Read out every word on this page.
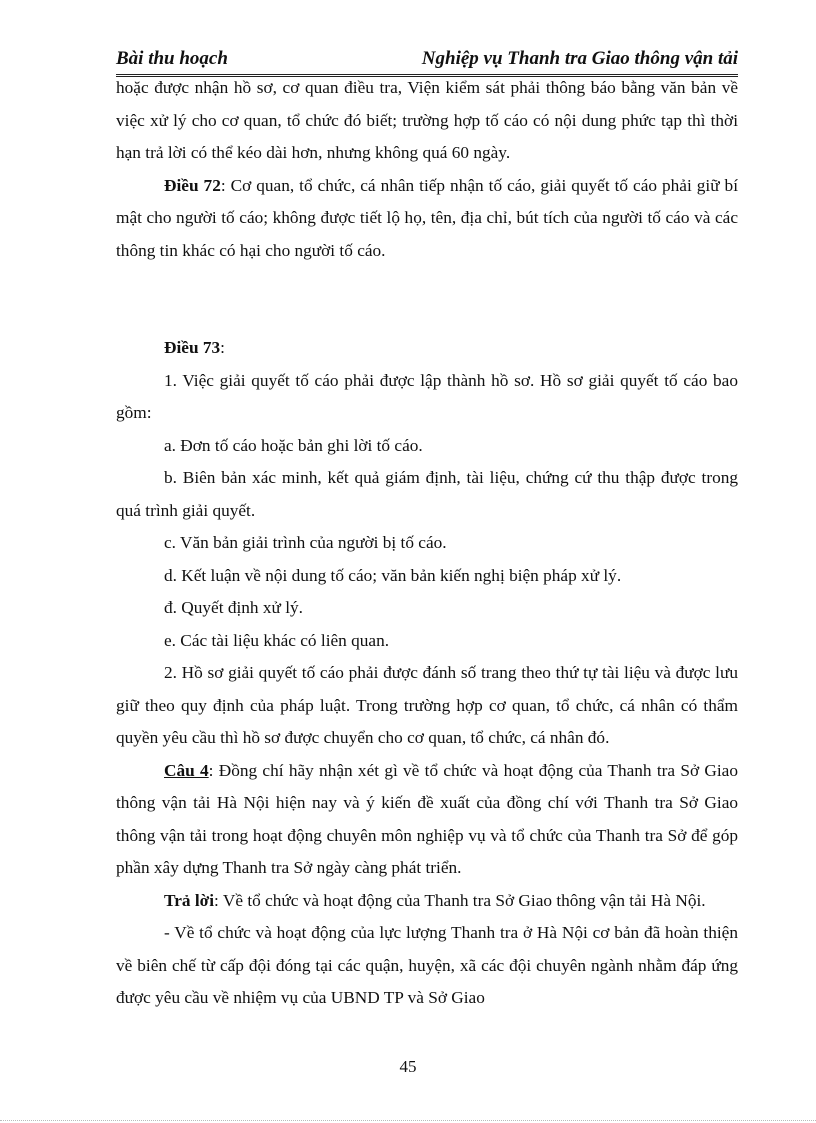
Bài thu hoạch	Nghiệp vụ Thanh tra Giao thông vận tải

hoặc được nhận hồ sơ, cơ quan điều tra, Viện kiểm sát phải thông báo bằng văn bản về việc xử lý cho cơ quan, tổ chức đó biết; trường hợp tố cáo có nội dung phức tạp thì thời hạn trả lời có thể kéo dài hơn, nhưng không quá 60 ngày.

Điều 72: Cơ quan, tổ chức, cá nhân tiếp nhận tố cáo, giải quyết tố cáo phải giữ bí mật cho người tố cáo; không được tiết lộ họ, tên, địa chỉ, bút tích của người tố cáo và các thông tin khác có hại cho người tố cáo.

Điều 73:

1. Việc giải quyết tố cáo phải được lập thành hồ sơ. Hồ sơ giải quyết tố cáo bao gồm:

a. Đơn tố cáo hoặc bản ghi lời tố cáo.

b. Biên bản xác minh, kết quả giám định, tài liệu, chứng cứ thu thập được trong quá trình giải quyết.

c. Văn bản giải trình của người bị tố cáo.

d. Kết luận về nội dung tố cáo; văn bản kiến nghị biện pháp xử lý.

đ. Quyết định xử lý.

e. Các tài liệu khác có liên quan.

2. Hồ sơ giải quyết tố cáo phải được đánh số trang theo thứ tự tài liệu và được lưu giữ theo quy định của pháp luật. Trong trường hợp cơ quan, tổ chức, cá nhân có thẩm quyền yêu cầu thì hồ sơ được chuyển cho cơ quan, tổ chức, cá nhân đó.

Câu 4: Đồng chí hãy nhận xét gì về tổ chức và hoạt động của Thanh tra Sở Giao thông vận tải Hà Nội hiện nay và ý kiến đề xuất của đồng chí với Thanh tra Sở Giao thông vận tải trong hoạt động chuyên môn nghiệp vụ và tổ chức của Thanh tra Sở để góp phần xây dựng Thanh tra Sở ngày càng phát triển.

Trả lời: Về tổ chức và hoạt động của Thanh tra Sở Giao thông vận tải Hà Nội.

- Về tổ chức và hoạt động của lực lượng Thanh tra ở Hà Nội cơ bản đã hoàn thiện về biên chế từ cấp đội đóng tại các quận, huyện, xã các đội chuyên ngành nhằm đáp ứng được yêu cầu về nhiệm vụ của UBND TP và Sở Giao

45
